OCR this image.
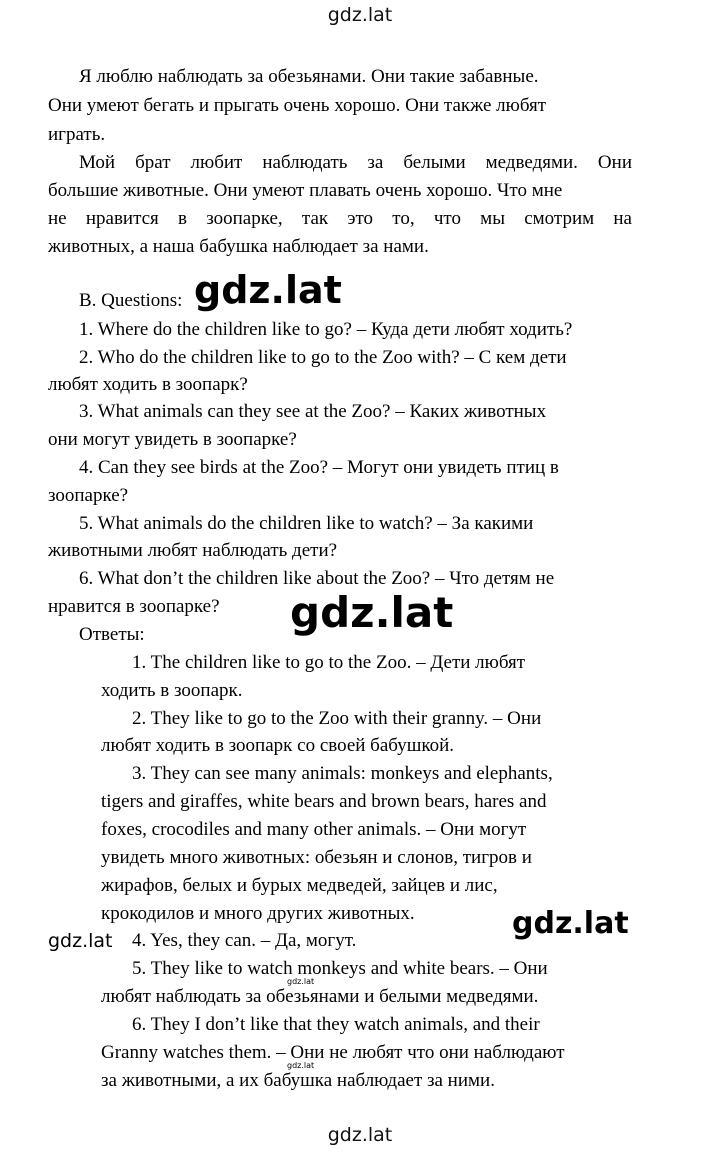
gdz.lat
Я люблю наблюдать за обезьянами. Они такие забавные.
Они умеют бегать и прыгать очень хорошо. Они также любят
играть.
Мой брат любит наблюдать за белыми медведями. Они
большие животные. Они умеют плавать очень хорошо. Что мне
не нравится в зоопарке, так это то, что мы смотрим на
животных, а наша бабушка наблюдает за нами.
B. Questions: gdz.lat
1. Where do the children like to go? – Куда дети любят ходить?
2. Who do the children like to go to the Zoo with? – С кем дети
любят ходить в зоопарк?
3. What animals can they see at the Zoo? – Каких животных
они могут увидеть в зоопарке?
4. Can they see birds at the Zoo? – Могут они увидеть птиц в
зоопарке?
5. What animals do the children like to watch? – За какими
животными любят наблюдать дети?
6. What don’t the children like about the Zoo? – Что детям не
нравится в зоопарке? gdz.lat
Ответы:
1. The children like to go to the Zoo. – Дети любят
ходить в зоопарк.
2. They like to go to the Zoo with their granny. – Они
любят ходить в зоопарк со своей бабушкой.
3. They can see many animals: monkeys and elephants,
tigers and giraffes, white bears and brown bears, hares and
foxes, crocodiles and many other animals. – Они могут
увидеть много животных: обезьян и слонов, тигров и
жирафов, белых и бурых медведей, зайцев и лис,
крокодилов и много других животных.	gdz.lat
gdz.lat 4. Yes, they can. – Да, могут.
5. They like to watch monkeys and white bears. – Они
gdz.lat
любят наблюдать за обезьянами и белыми медведями.
6. They I don’t like that they watch animals, and their
Granny watches them. – Они не любят что они наблюдают
gdz.lat
за животными, а их бабушка наблюдает за ними.
gdz.lat
